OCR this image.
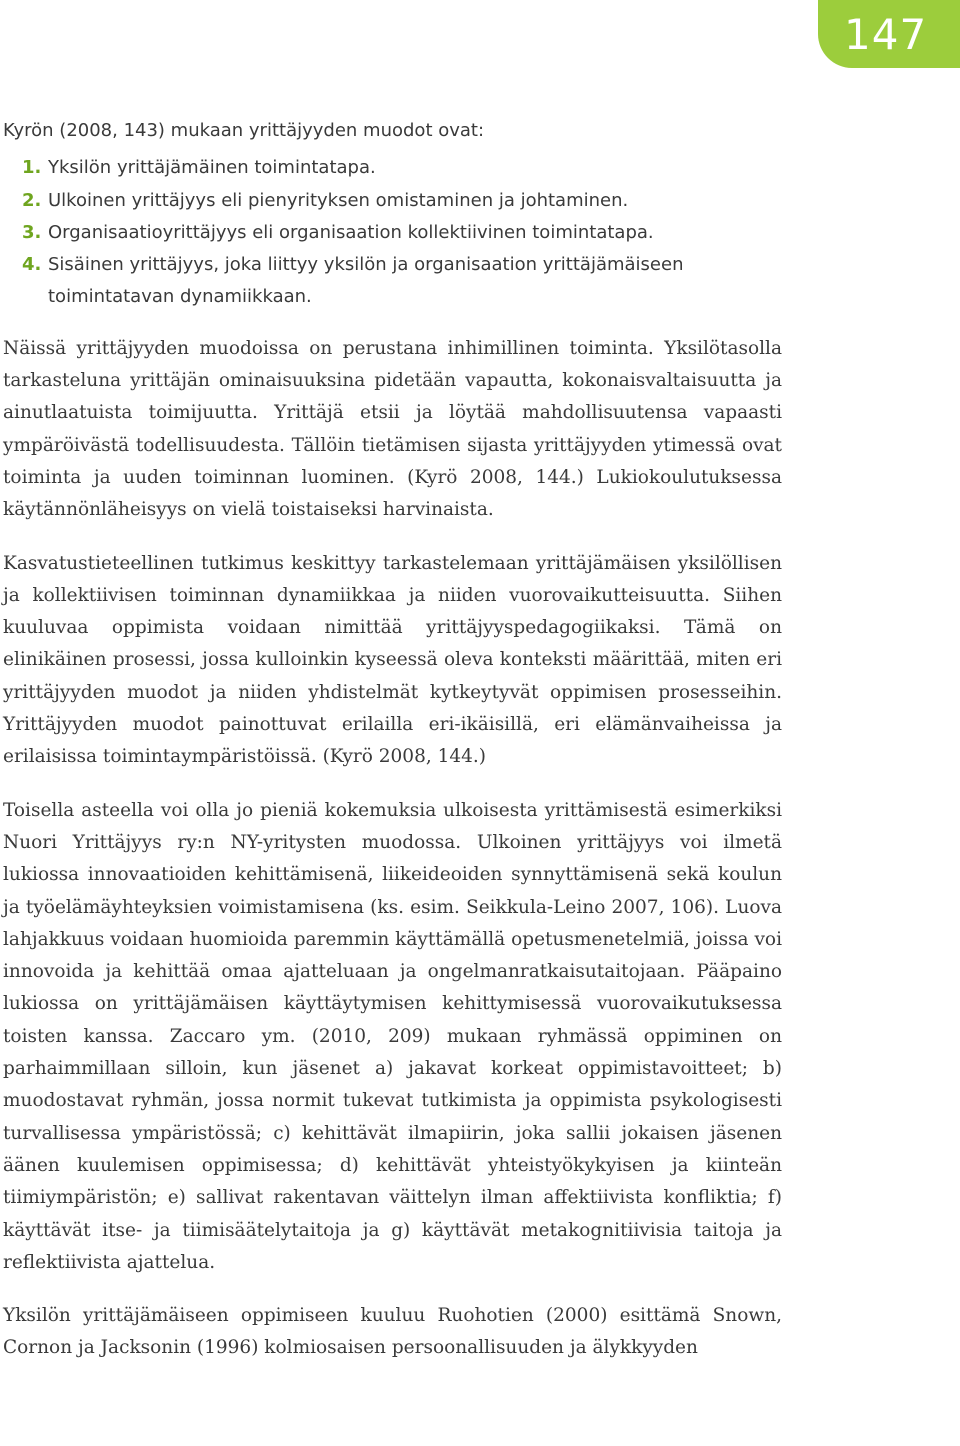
147

Kyrön (2008, 143) mukaan yrittäjyyden muodot ovat:

1. Yksilön yrittäjämäinen toimintatapa.
2. Ulkoinen yrittäjyys eli pienyrityksen omistaminen ja johtaminen.
3. Organisaatioyrittäjyys eli organisaation kollektiivinen toimintatapa.
4. Sisäinen yrittäjyys, joka liittyy yksilön ja organisaation yrittäjämäiseen toimintatavan dynamiikkaan.

Näissä yrittäjyyden muodoissa on perustana inhimillinen toiminta. Yksilötasolla tarkasteluna yrittäjän ominaisuuksina pidetään vapautta, kokonaisvaltaisuutta ja ainutlaatuista toimijuutta. Yrittäjä etsii ja löytää mahdollisuutensa vapaasti ympäröivästä todellisuudesta. Tällöin tietämisen sijasta yrittäjyyden ytimessä ovat toiminta ja uuden toiminnan luominen. (Kyrö 2008, 144.) Lukiokoulutuksessa käytännönläheisyys on vielä toistaiseksi harvinaista.

Kasvatustieteellinen tutkimus keskittyy tarkastelemaan yrittäjämäisen yksilöllisen ja kollektiivisen toiminnan dynamiikkaa ja niiden vuorovaikutteisuutta. Siihen kuuluvaa oppimista voidaan nimittää yrittäjyyspedagogiikaksi. Tämä on elinikäinen prosessi, jossa kulloinkin kyseessä oleva konteksti määrittää, miten eri yrittäjyyden muodot ja niiden yhdistelmät kytkeytyvät oppimisen prosesseihin. Yrittäjyyden muodot painottuvat erilailla eri-ikäisillä, eri elämänvaiheissa ja erilaisissa toimintaympäristöissä. (Kyrö 2008, 144.)

Toisella asteella voi olla jo pieniä kokemuksia ulkoisesta yrittämisestä esimerkiksi Nuori Yrittäjyys ry:n NY-yritysten muodossa. Ulkoinen yrittäjyys voi ilmetä lukiossa innovaatioiden kehittämisenä, liikeideoiden synnyttämisenä sekä koulun ja työelämäyhteyksien voimistamisena (ks. esim. Seikkula-Leino 2007, 106). Luova lahjakkuus voidaan huomioida paremmin käyttämällä opetusmenetelmiä, joissa voi innovoida ja kehittää omaa ajatteluaan ja ongelmanratkaisutaitojaan. Pääpaino lukiossa on yrittäjämäisen käyttäytymisen kehittymisessä vuorovaikutuksessa toisten kanssa. Zaccaro ym. (2010, 209) mukaan ryhmässä oppiminen on parhaimmillaan silloin, kun jäsenet a) jakavat korkeat oppimistavoitteet; b) muodostavat ryhmän, jossa normit tukevat tutkimista ja oppimista psykologisesti turvallisessa ympäristössä; c) kehittävät ilmapiirin, joka sallii jokaisen jäsenen äänen kuulemisen oppimisessa; d) kehittävät yhteistyökykyisen ja kiinteän tiimiympäristön; e) sallivat rakentavan väittelyn ilman affektiivista konfliktia; f) käyttävät itse- ja tiimisäätelytaitoja ja g) käyttävät metakognitiivisia taitoja ja reflektiivista ajattelua.

Yksilön yrittäjämäiseen oppimiseen kuuluu Ruohotien (2000) esittämä Snown, Cornon ja Jacksonin (1996) kolmiosaisen persoonallisuuden ja älykkyyden
